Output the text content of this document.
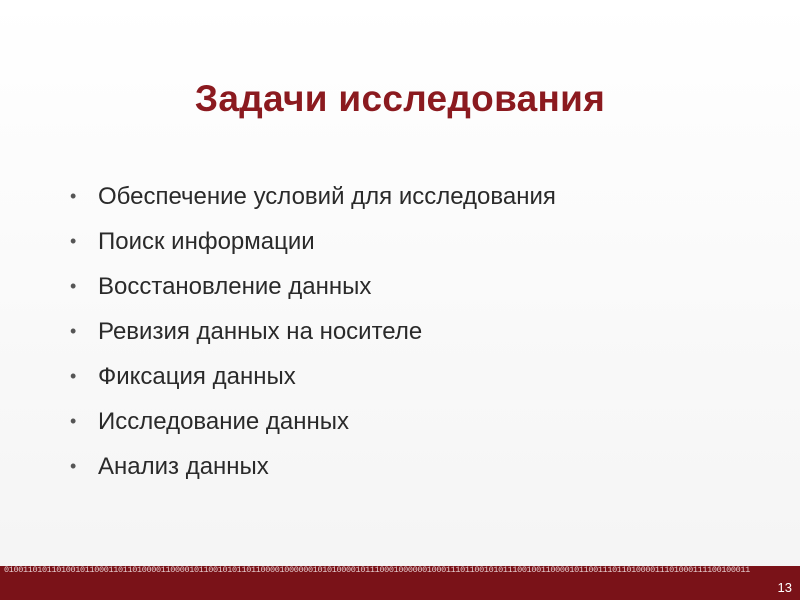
Задачи исследования
• Обеспечение условий для исследования
• Поиск информации
• Восстановление данных
• Ревизия данных на носителе
• Фиксация данных
• Исследование данных
• Анализ данных
0100110101101001011000110110100001100001011001010110110000100000010101000010111000100000010001110110010101110010011000010110011101101000011101000111100100011
13
